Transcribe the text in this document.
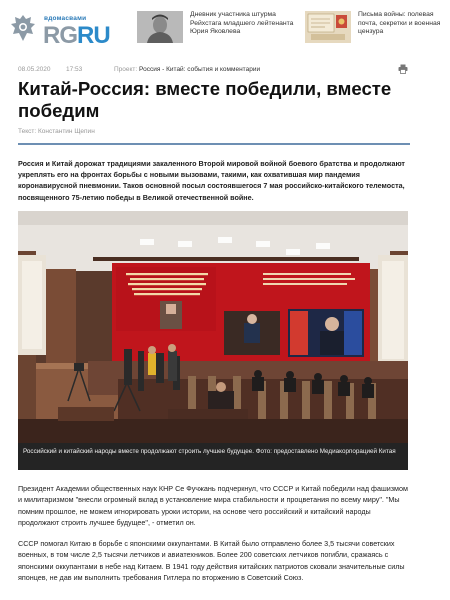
вдомасвами
RGRU
Дневник участника штурма Рейхстага младшего лейтенанта Юрия Яковлева
Письма войны: полевая почта, секретки и военная цензура
08.05.2020 17:53	Проект: Россия - Китай: события и комментарии
Китай-Россия: вместе победили, вместе победим
Текст: Константин Щепин

Россия и Китай дорожат традициями закаленного Второй мировой войной боевого братства и продолжают укреплять его на фронтах борьбы с новыми вызовами, такими, как охватившая мир пандемия коронавирусной пневмонии. Таков основной посыл состоявшегося 7 мая российско-китайского телемоста, посвященного 75-летию победы в Великой отечественной войне.

Российский и китайский народы вместе продолжают строить лучшее будущее. Фото: предоставлено Медиакорпорацией Китая

Президент Академии общественных наук КНР Се Фучжань подчеркнул, что СССР и Китай победили над фашизмом и милитаризмом "внесли огромный вклад в установление мира стабильности и процветания по всему миру". "Мы помним прошлое, не можем игнорировать уроки истории, на основе чего российский и китайский народы продолжают строить лучшее будущее", - отметил он.

СССР помогал Китаю в борьбе с японскими оккупантами. В Китай было отправлено более 3,5 тысячи советских военных, в том числе 2,5 тысячи летчиков и авиатехников. Более 200 советских летчиков погибли, сражаясь с японскими оккупантами в небе над Китаем. В 1941 году действия китайских патриотов сковали значительные силы японцев, не дав им выполнить требования Гитлера по вторжению в Советский Союз.
